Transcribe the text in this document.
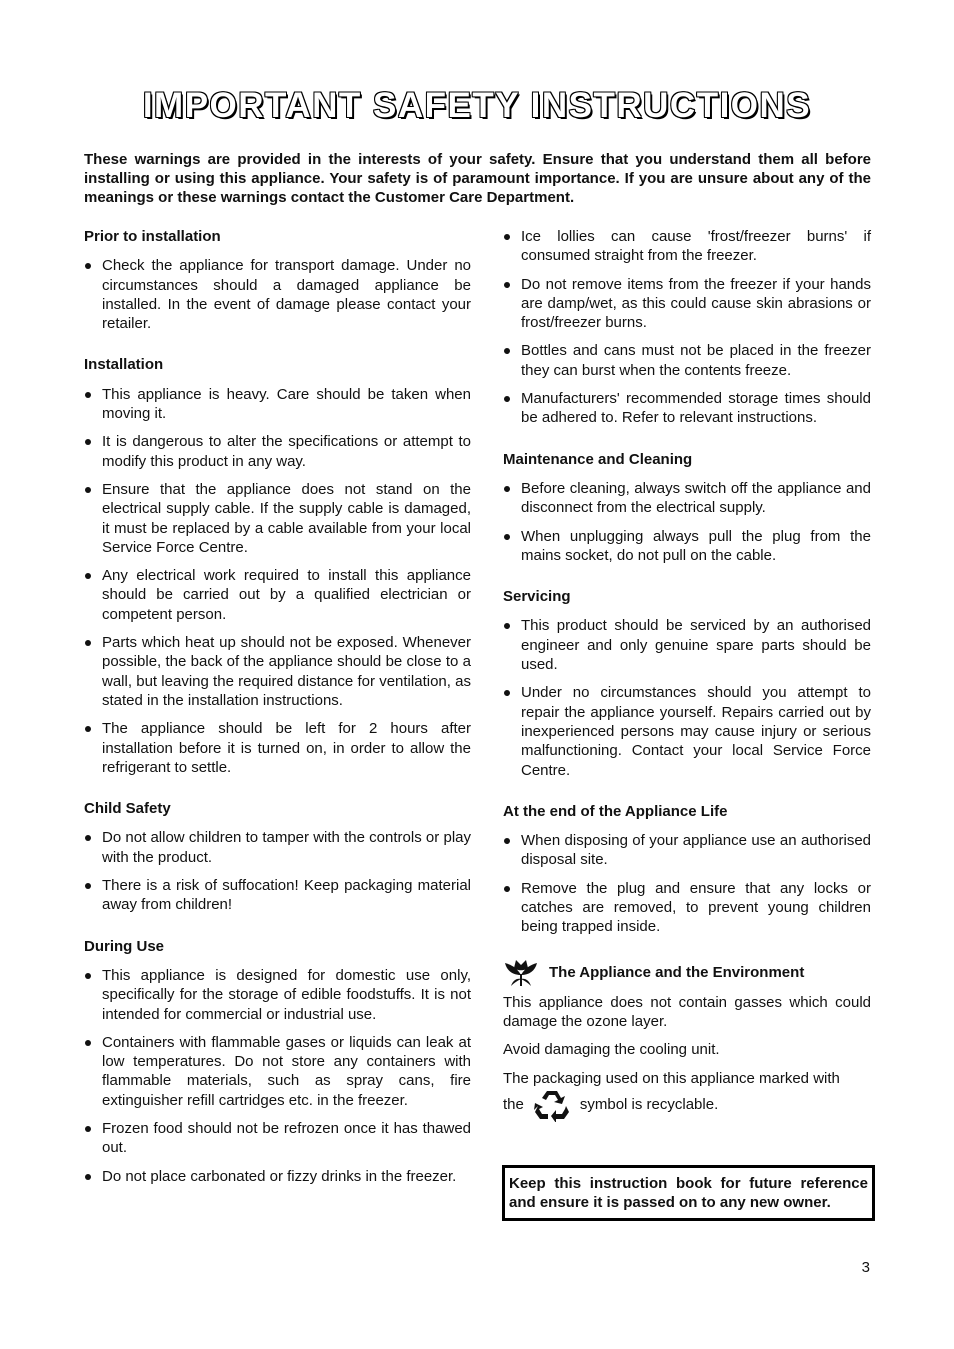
IMPORTANT SAFETY INSTRUCTIONS
These warnings are provided in the interests of your safety. Ensure that you understand them all before installing or using this appliance. Your safety is of paramount importance. If you are unsure about any of the meanings or these warnings contact the Customer Care Department.
Prior to installation
Check the appliance for transport damage. Under no circumstances should a damaged appliance be installed. In the event of damage please contact your retailer.
Installation
This appliance is heavy. Care should be taken when moving it.
It is dangerous to alter the specifications or attempt to modify this product in any way.
Ensure that the appliance does not stand on the electrical supply cable. If the supply cable is damaged, it must be replaced by a cable available from your local Service Force Centre.
Any electrical work required to install this appliance should be carried out by a qualified electrician or competent person.
Parts which heat up should not be exposed. Whenever possible, the back of the appliance should be close to a wall, but leaving the required distance for ventilation, as stated in the installation instructions.
The appliance should be left for 2 hours after installation before it is turned on, in order to allow the refrigerant to settle.
Child Safety
Do not allow children to tamper with the controls or play with the product.
There is a risk of suffocation! Keep packaging material away from children!
During Use
This appliance is designed for domestic use only, specifically for the storage of edible foodstuffs. It is not intended for commercial or industrial use.
Containers with flammable gases or liquids can leak at low temperatures. Do not store any containers with flammable materials, such as spray cans, fire extinguisher refill cartridges etc. in the freezer.
Frozen food should not be refrozen once it has thawed out.
Do not place carbonated or fizzy drinks in the freezer.
Ice lollies can cause 'frost/freezer burns' if consumed straight from the freezer.
Do not remove items from the freezer if your hands are damp/wet, as this could cause skin abrasions or frost/freezer burns.
Bottles and cans must not be placed in the freezer they can burst when the contents freeze.
Manufacturers' recommended storage times should be adhered to. Refer to relevant instructions.
Maintenance and Cleaning
Before cleaning, always switch off the appliance and disconnect from the electrical supply.
When unplugging always pull the plug from the mains socket, do not pull on the cable.
Servicing
This product should be serviced by an authorised engineer and only genuine spare parts should be used.
Under no circumstances should you attempt to repair the appliance yourself. Repairs carried out by inexperienced persons may cause injury or serious malfunctioning. Contact your local Service Force Centre.
At the end of the Appliance Life
When disposing of your appliance use an authorised disposal site.
Remove the plug and ensure that any locks or catches are removed, to prevent young children being trapped inside.
The Appliance and the Environment

This appliance does not contain gasses which could damage the ozone layer.

Avoid damaging the cooling unit.

The packaging used on this appliance marked with
the	symbol is recyclable.

Keep this instruction book for future reference and ensure it is passed on to any new owner.
3
